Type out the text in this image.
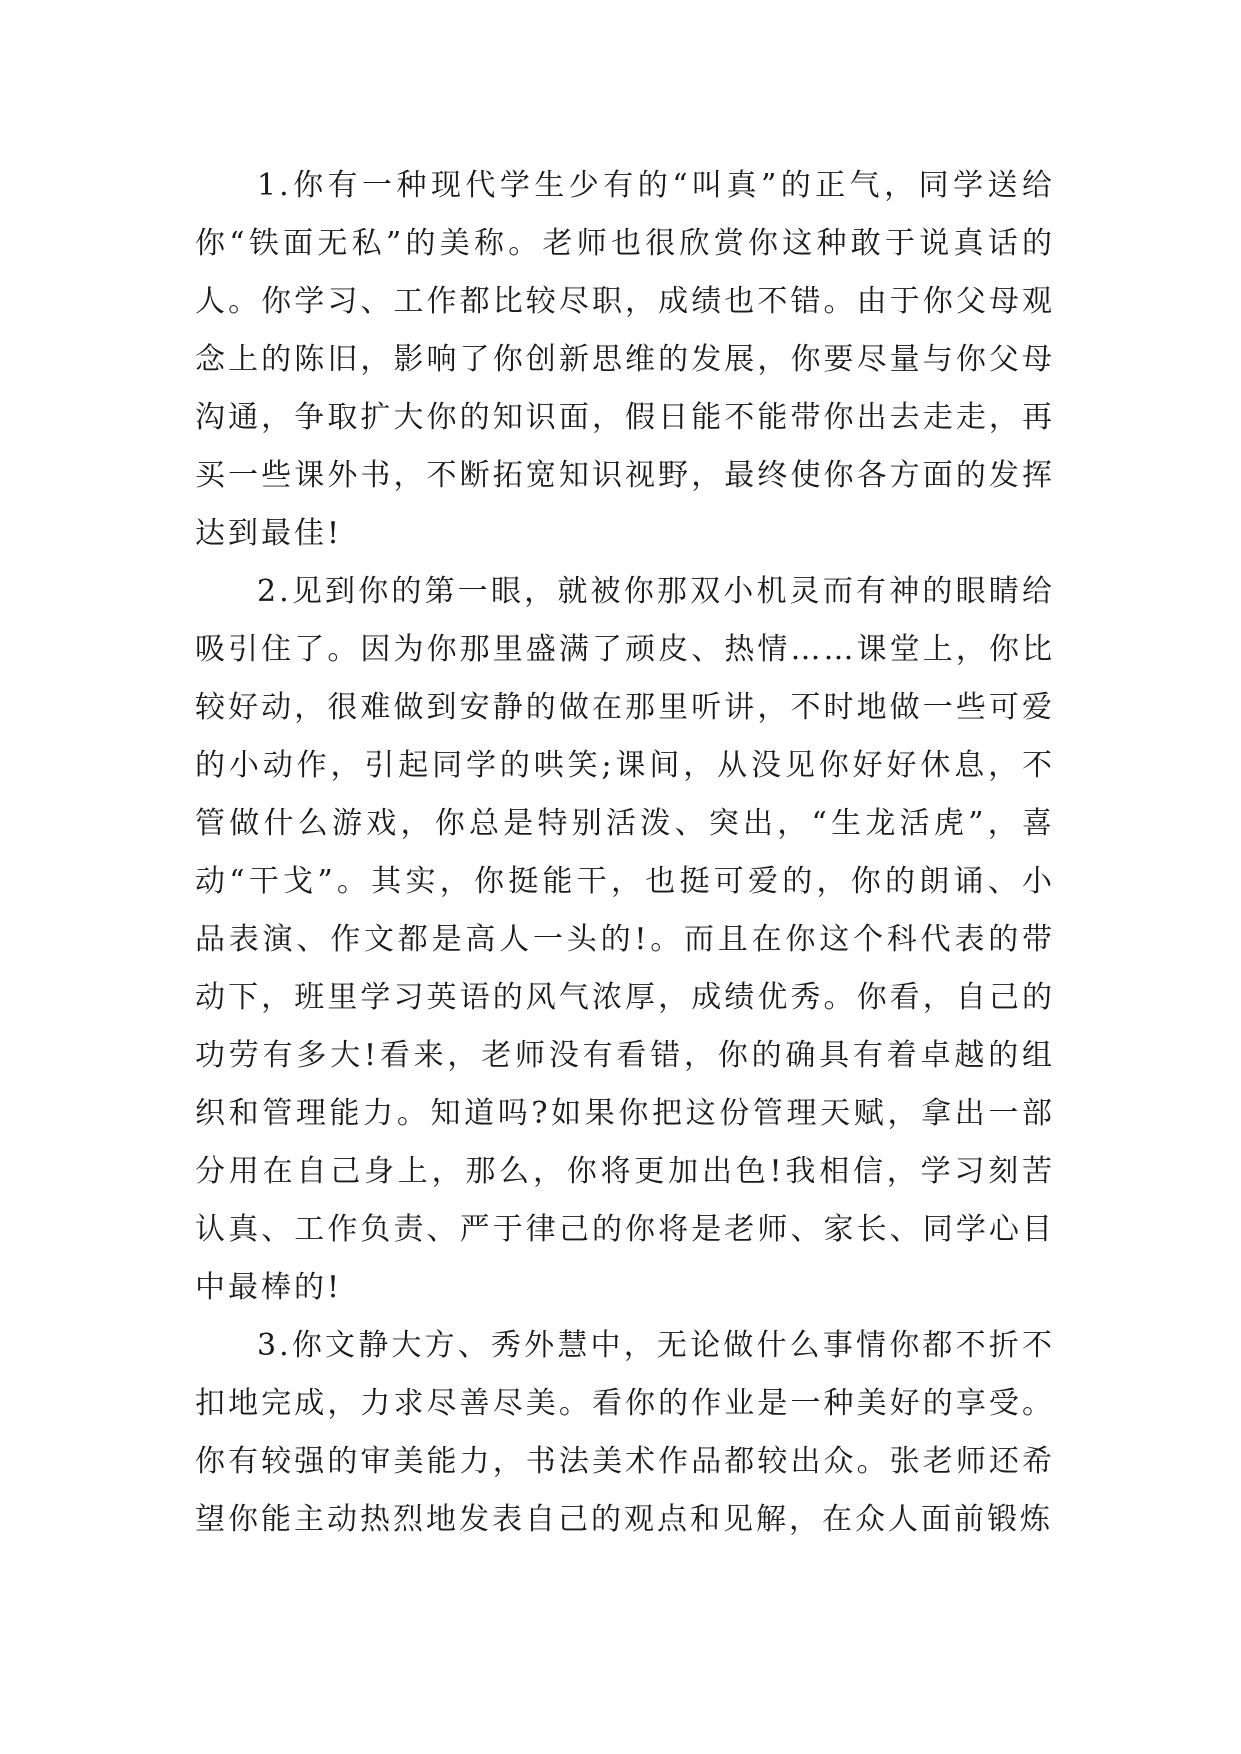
1.你有一种现代学生少有的“叫真”的正气，同学送给你“铁面无私”的美称。老师也很欣赏你这种敢于说真话的人。你学习、工作都比较尽职，成绩也不错。由于你父母观念上的陈旧，影响了你创新思维的发展，你要尽量与你父母沟通，争取扩大你的知识面，假日能不能带你出去走走，再买一些课外书，不断拓宽知识视野，最终使你各方面的发挥达到最佳!

2.见到你的第一眼，就被你那双小机灵而有神的眼睛给吸引住了。因为你那里盛满了顽皮、热情……课堂上，你比较好动，很难做到安静的做在那里听讲，不时地做一些可爱的小动作，引起同学的哄笑;课间，从没见你好好休息，不管做什么游戏，你总是特别活泼、突出，“生龙活虎”，喜动“干戈”。其实，你挺能干，也挺可爱的，你的朗诵、小品表演、作文都是高人一头的!。而且在你这个科代表的带动下，班里学习英语的风气浓厚，成绩优秀。你看，自己的功劳有多大!看来，老师没有看错，你的确具有着卓越的组织和管理能力。知道吗?如果你把这份管理天赋，拿出一部分用在自己身上，那么，你将更加出色!我相信，学习刻苦认真、工作负责、严于律己的你将是老师、家长、同学心目中最棒的!

3.你文静大方、秀外慧中，无论做什么事情你都不折不扣地完成，力求尽善尽美。看你的作业是一种美好的享受。你有较强的审美能力，书法美术作品都较出众。张老师还希望你能主动热烈地发表自己的观点和见解，在众人面前锻炼
